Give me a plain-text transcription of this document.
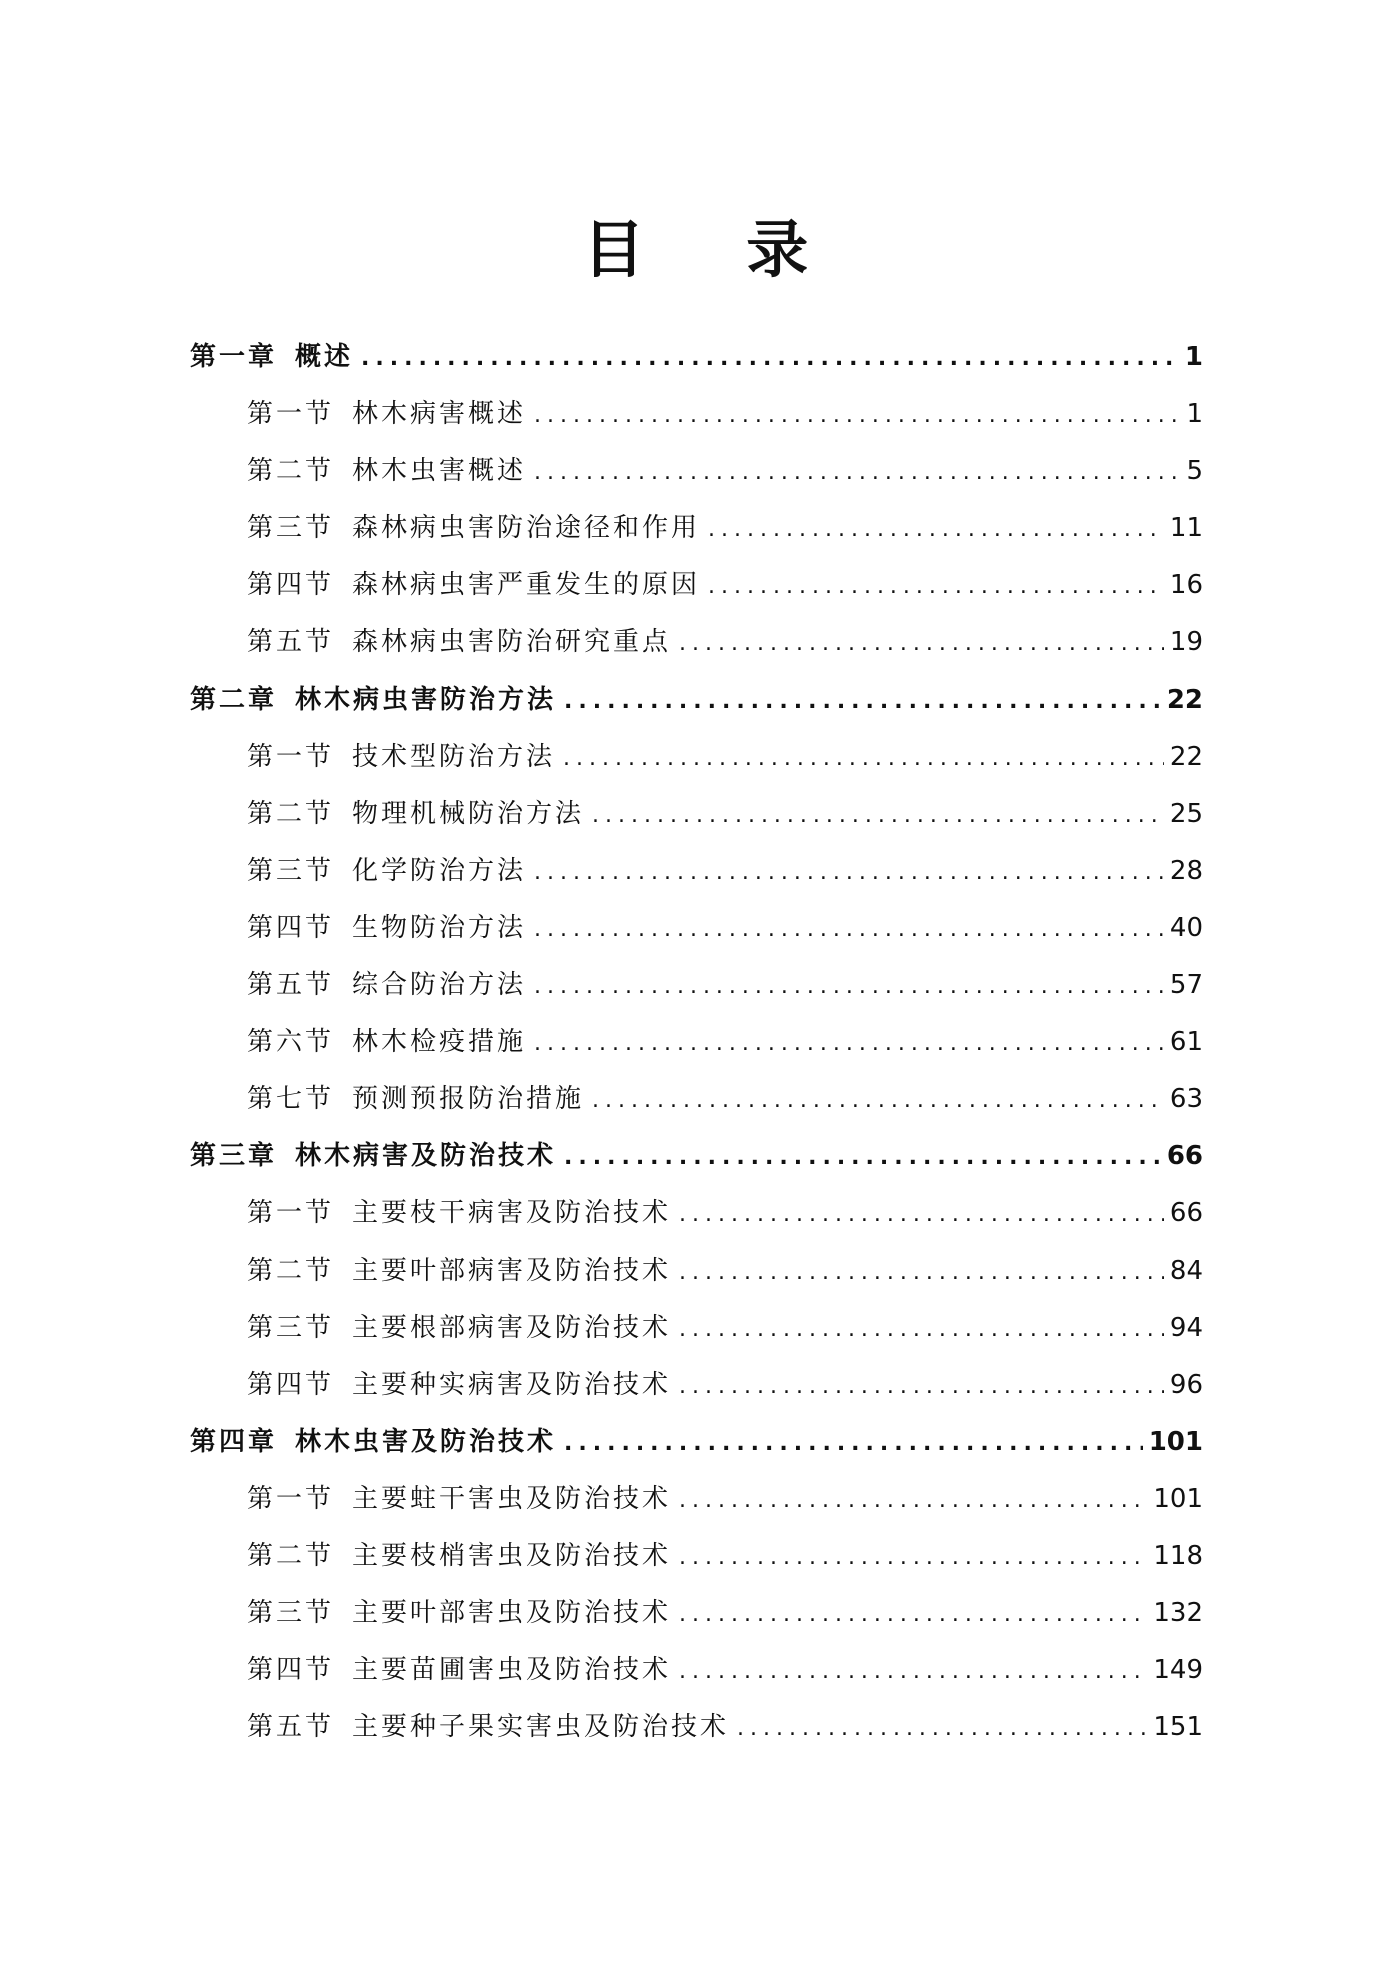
目 录
第一章 概述 .....	1
第一节 林木病害概述 .....	1
第二节 林木虫害概述 .....	5
第三节 森林病虫害防治途径和作用 .....	11
第四节 森林病虫害严重发生的原因 .....	16
第五节 森林病虫害防治研究重点 .....	19
第二章 林木病虫害防治方法 .....	22
第一节 技术型防治方法 .....	22
第二节 物理机械防治方法 .....	25
第三节 化学防治方法 .....	28
第四节 生物防治方法 .....	40
第五节 综合防治方法 .....	57
第六节 林木检疫措施 .....	61
第七节 预测预报防治措施 .....	63
第三章 林木病害及防治技术 .....	66
第一节 主要枝干病害及防治技术 .....	66
第二节 主要叶部病害及防治技术 .....	84
第三节 主要根部病害及防治技术 .....	94
第四节 主要种实病害及防治技术 .....	96
第四章 林木虫害及防治技术 .....	101
第一节 主要蛀干害虫及防治技术 .....	101
第二节 主要枝梢害虫及防治技术 .....	118
第三节 主要叶部害虫及防治技术 .....	132
第四节 主要苗圃害虫及防治技术 .....	149
第五节 主要种子果实害虫及防治技术 .....	151
